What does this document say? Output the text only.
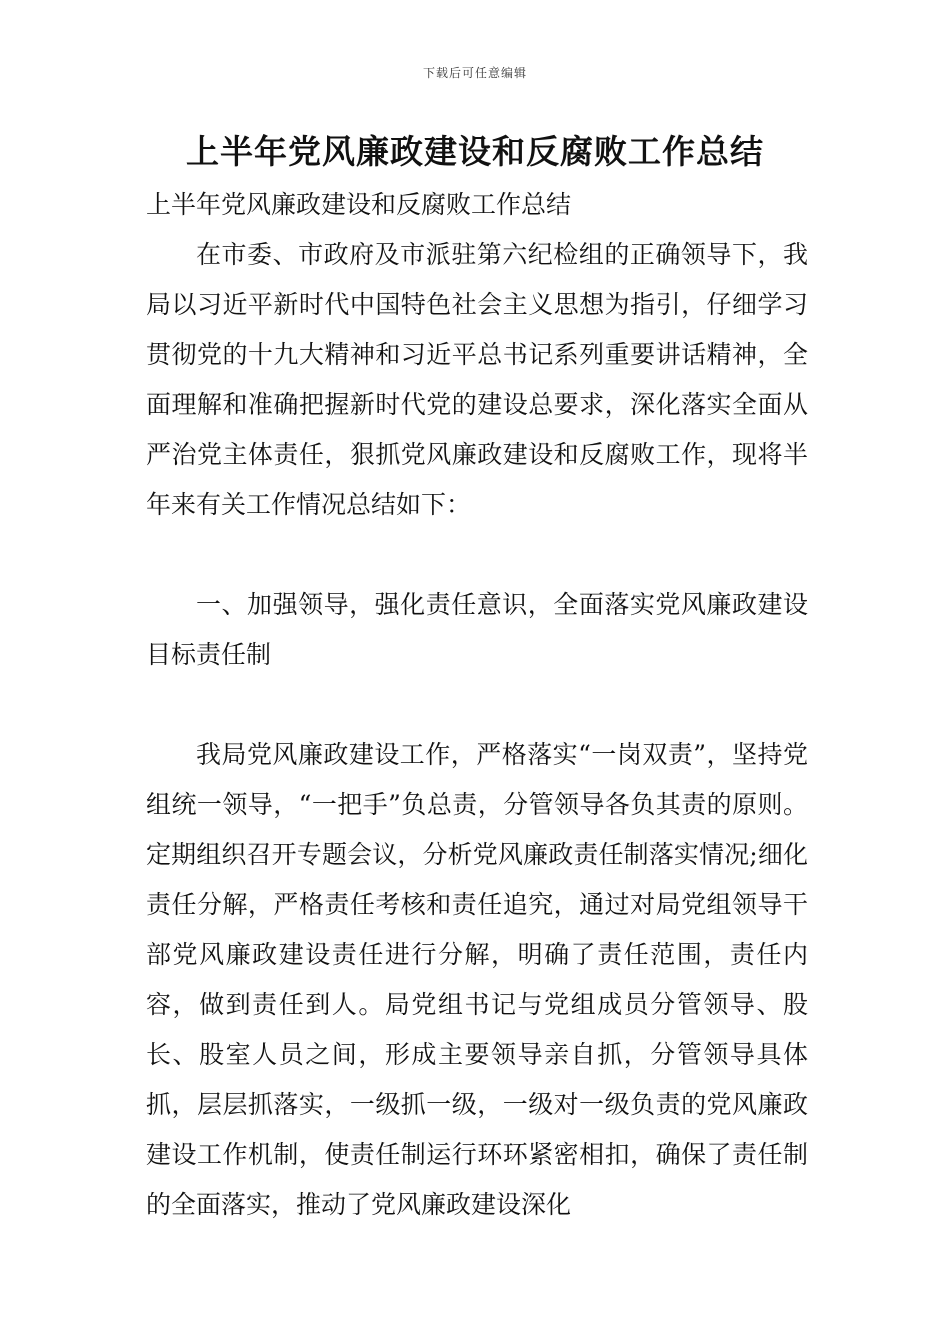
下载后可任意编辑
上半年党风廉政建设和反腐败工作总结

上半年党风廉政建设和反腐败工作总结

在市委、市政府及市派驻第六纪检组的正确领导下，我局以习近平新时代中国特色社会主义思想为指引，仔细学习贯彻党的十九大精神和习近平总书记系列重要讲话精神，全面理解和准确把握新时代党的建设总要求，深化落实全面从严治党主体责任，狠抓党风廉政建设和反腐败工作，现将半年来有关工作情况总结如下：

一、加强领导，强化责任意识，全面落实党风廉政建设目标责任制

我局党风廉政建设工作，严格落实“一岗双责”，坚持党组统一领导，“一把手”负总责，分管领导各负其责的原则。定期组织召开专题会议，分析党风廉政责任制落实情况;细化责任分解，严格责任考核和责任追究，通过对局党组领导干部党风廉政建设责任进行分解，明确了责任范围，责任内容，做到责任到人。局党组书记与党组成员分管领导、股长、股室人员之间，形成主要领导亲自抓，分管领导具体抓，层层抓落实，一级抓一级，一级对一级负责的党风廉政建设工作机制，使责任制运行环环紧密相扣，确保了责任制的全面落实，推动了党风廉政建设深化
